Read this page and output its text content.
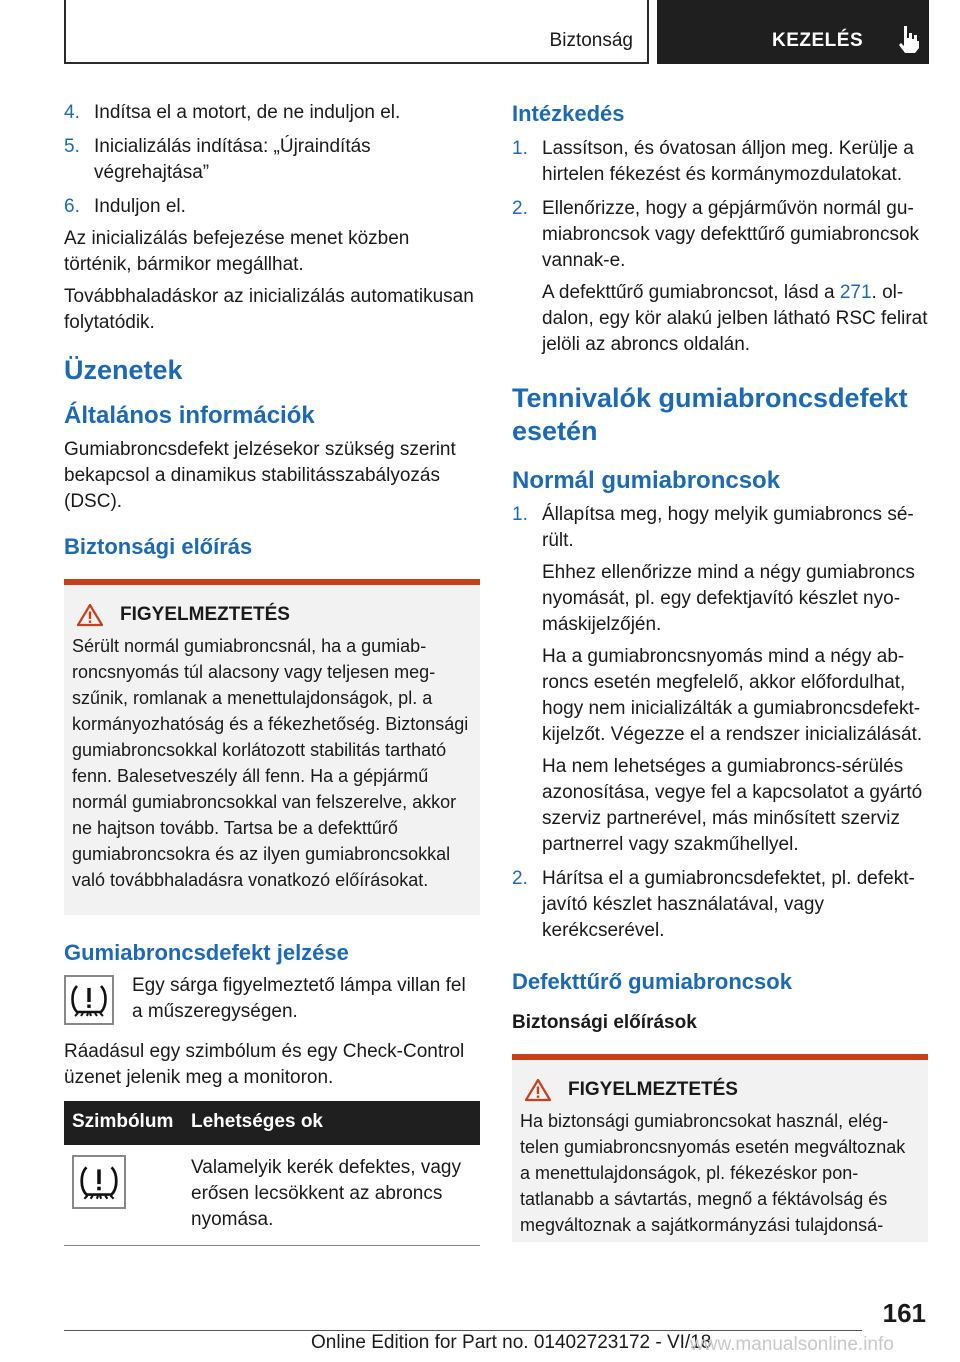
Biztonság	KEZELÉS
4. Indítsa el a motort, de ne induljon el.
5. Inicializálás indítása: „Újraindítás végrehajtása”
6. Induljon el.

Az inicializálás befejezése menet közben történik, bármikor megállhat.

Továbbhaladáskor az inicializálás automatikusan folytatódik.

Üzenetek
Általános információk

Gumiabroncsdefekt jelzésekor szükség szerint bekapcsol a dinamikus stabilitásszabályozás (DSC).

Biztonsági előírás
FIGYELMEZTETÉS

Sérült normál gumiabroncsnál, ha a gumiabroncsnyomás túl alacsony vagy teljesen megszűnik, romlanak a menettulajdonságok, pl. a kormányozhatóság és a fékezhetőség. Biztonsági gumiabroncsokkal korlátozott stabilitás tartható fenn. Balesetveszély áll fenn. Ha a gépjármű normál gumiabroncsokkal van felszerelve, akkor ne hajtson tovább. Tartsa be a defekttűrő gumiabroncsokra és az ilyen gumiabroncsokkal való továbbhaladásra vonatkozó előírásokat.

Gumiabroncsdefekt jelzése

Egy sárga figyelmeztető lámpa villan fel a műszeregységen.

Ráadásul egy szimbólum és egy Check-Control üzenet jelenik meg a monitoron.

Szimbólum	Lehetséges ok

	Valamelyik kerék defektes, vagy erősen lecsökkent az abroncs nyomása.
Intézkedés
1. Lassítson, és óvatosan álljon meg. Kerülje a hirtelen fékezést és kormánymozdulatokat.
2. Ellenőrizze, hogy a gépjárművön normál gumiabroncsok vagy defekttűrő gumiabroncsok vannak-e.
A defekttűrő gumiabroncsot, lásd a 271. oldalon, egy kör alakú jelben látható RSC felirat jelöli az abroncs oldalán.
Tennivalók gumiabroncsdefekt esetén
Normál gumiabroncsok
1. Állapítsa meg, hogy melyik gumiabroncs sérült.
Ehhez ellenőrizze mind a négy gumiabroncs nyomását, pl. egy defektjavító készlet nyomáskijelzőjén.
Ha a gumiabroncsnyomás mind a négy abroncs esetén megfelelő, akkor előfordulhat, hogy nem inicializálták a gumiabroncsdefektkijelzőt. Végezze el a rendszer inicializálását.
Ha nem lehetséges a gumiabroncs-sérülés azonosítása, vegye fel a kapcsolatot a gyártó szerviz partnerével, más minősített szerviz partnerrel vagy szakműhellyel.
2. Hárítsa el a gumiabroncsdefektet, pl. defektjavító készlet használatával, vagy kerékcserével.
Defekttűrő gumiabroncsok
Biztonsági előírások
FIGYELMEZTETÉS

Ha biztonsági gumiabroncsokat használ, elégtelen gumiabroncsnyomás esetén megváltoznak a menettulajdonságok, pl. fékezéskor pontatlanabb a sávtartás, megnő a féktávolság és megváltoznak a sajátkormányzási tulajdonsá-

161
Online Edition for Part no. 01402723172 - VI/18
www.manualsonline.info
